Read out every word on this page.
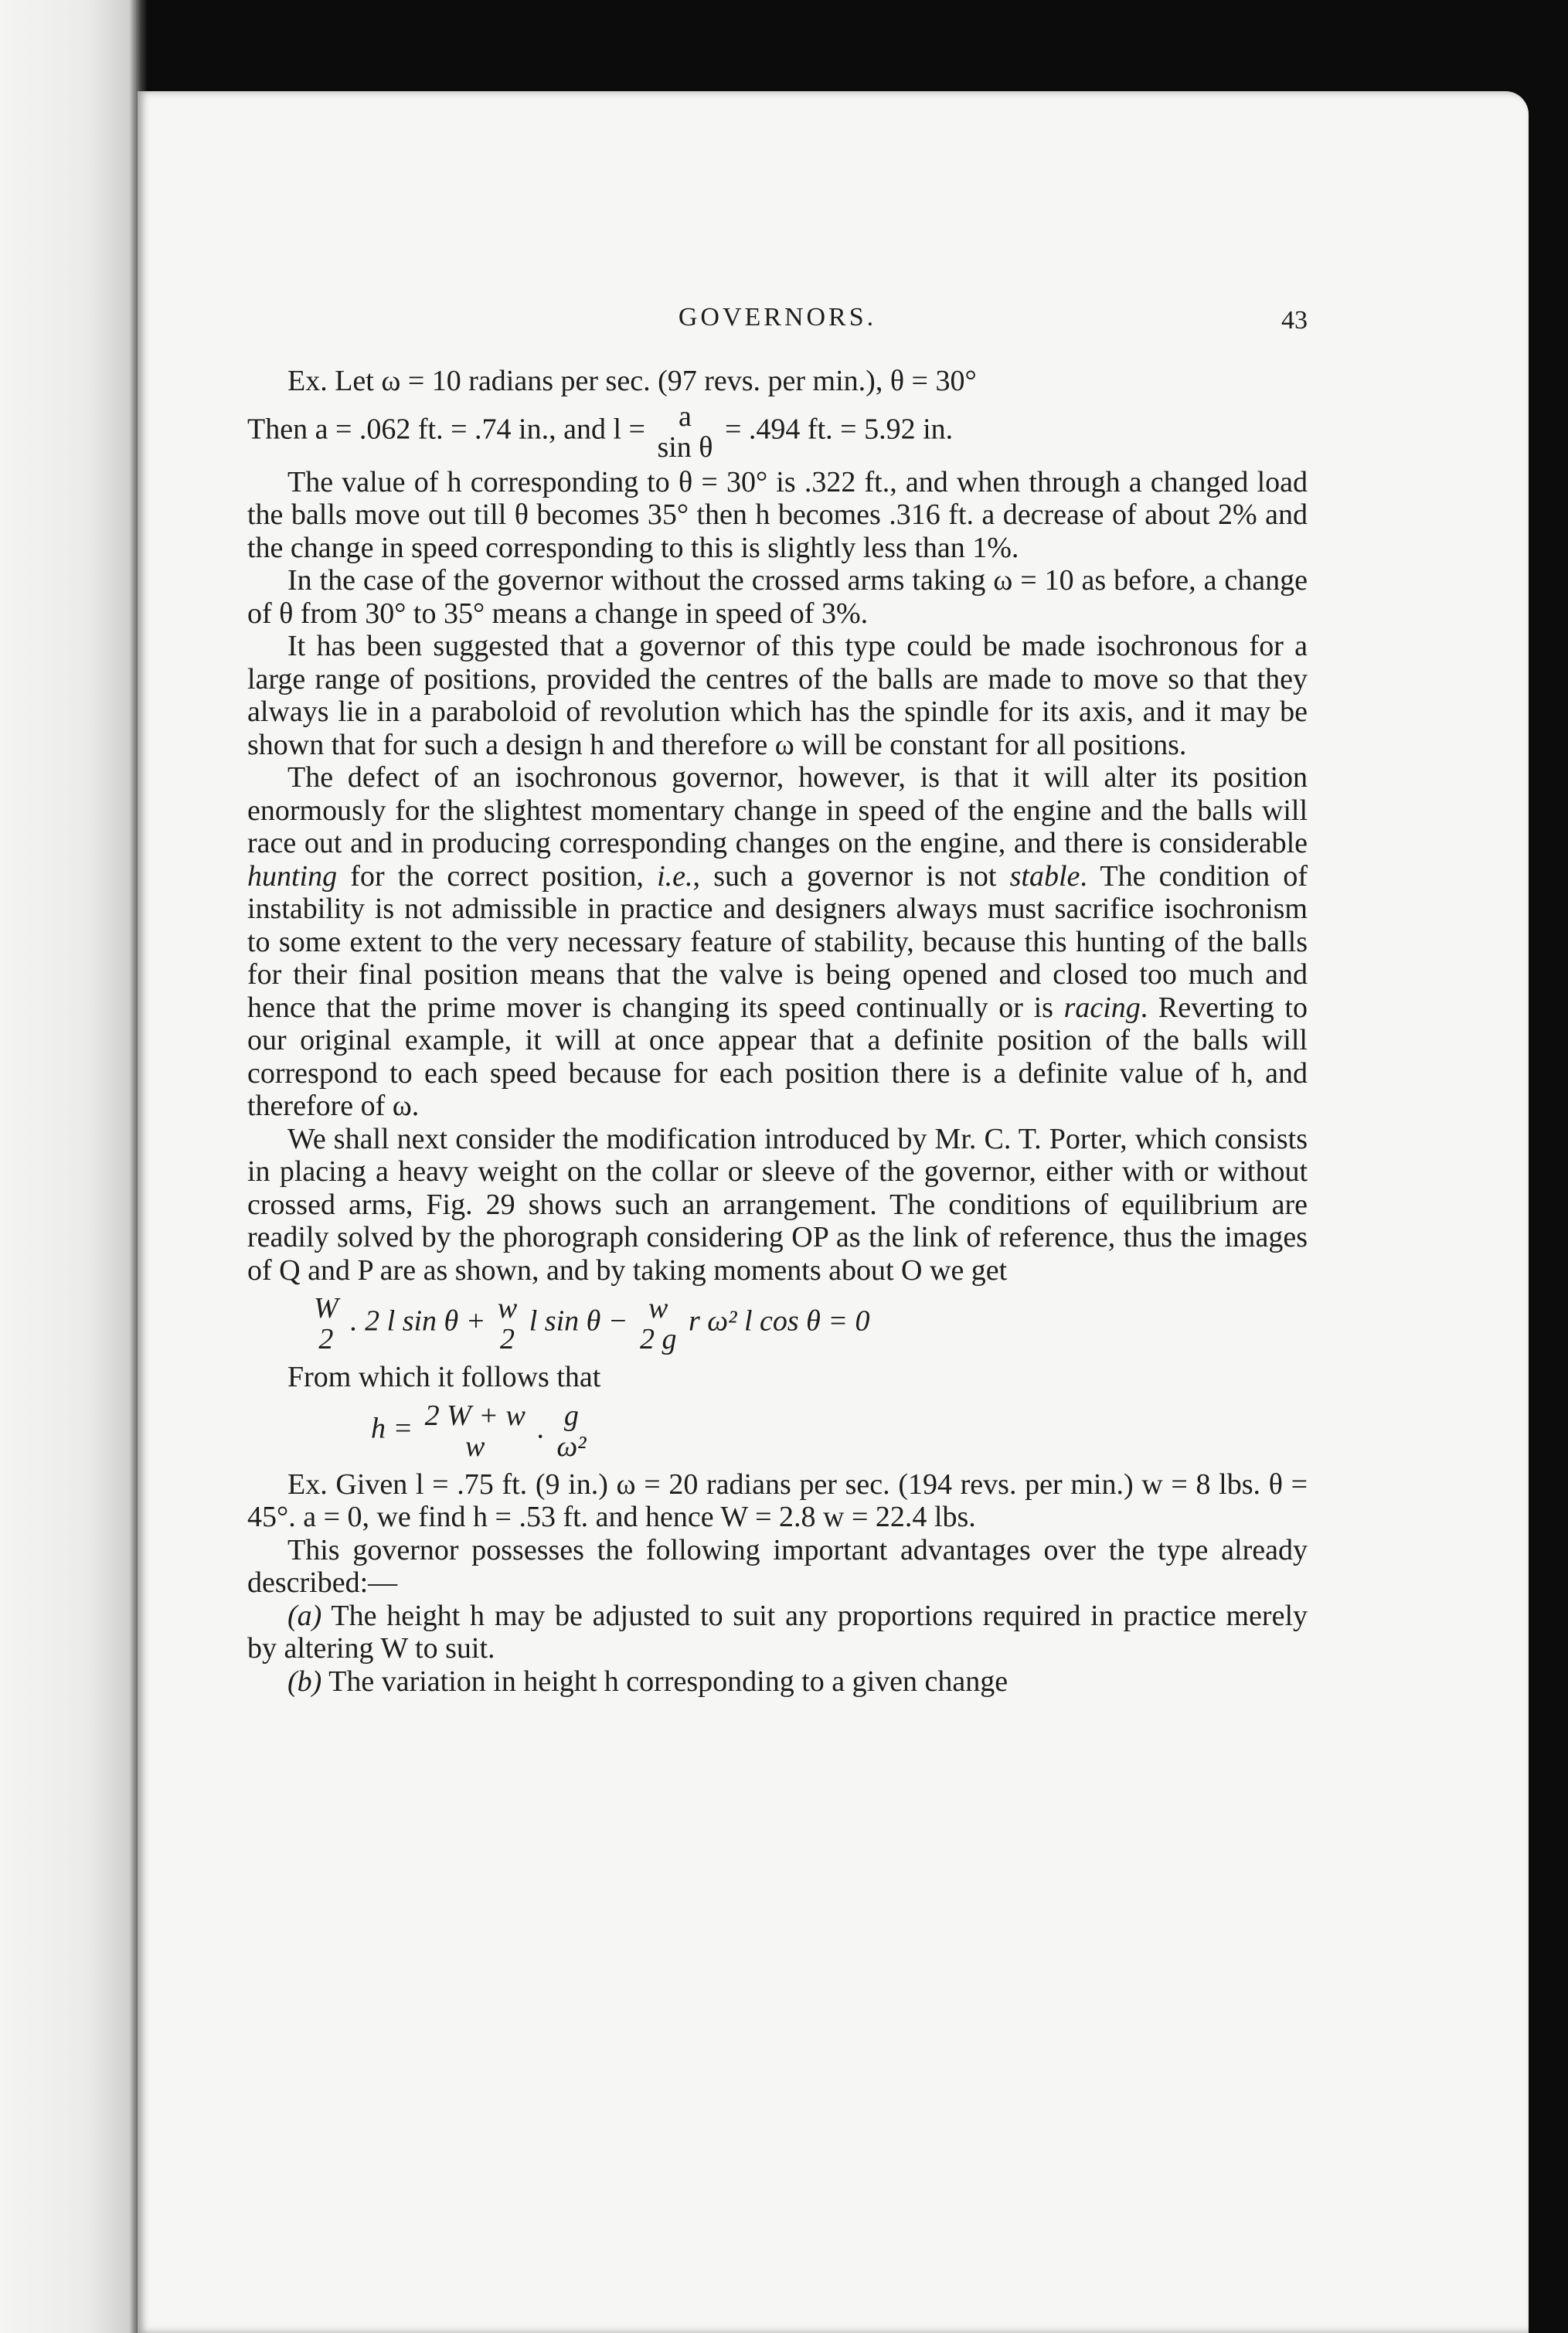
GOVERNORS.	43

Ex. Let ω = 10 radians per sec. (97 revs. per min.), θ = 30°

Then a = .062 ft. = .74 in., and l =	a
sin θ
= .494 ft. = 5.92 in.

The value of h corresponding to θ = 30° is .322 ft., and when through a changed load the balls move out till θ becomes 35° then h becomes .316 ft. a decrease of about 2% and the change in speed corresponding to this is slightly less than 1%.

In the case of the governor without the crossed arms taking ω = 10 as before, a change of θ from 30° to 35° means a change in speed of 3%.

It has been suggested that a governor of this type could be made isochronous for a large range of positions, provided the centres of the balls are made to move so that they always lie in a paraboloid of revolution which has the spindle for its axis, and it may be shown that for such a design h and therefore ω will be constant for all positions.

The defect of an isochronous governor, however, is that it will alter its position enormously for the slightest momentary change in speed of the engine and the balls will race out and in producing corresponding changes on the engine, and there is considerable hunting for the correct position, i.e., such a governor is not stable. The condition of instability is not admissible in practice and designers always must sacrifice isochronism to some extent to the very necessary feature of stability, because this hunting of the balls for their final position means that the valve is being opened and closed too much and hence that the prime mover is changing its speed continually or is racing. Reverting to our original example, it will at once appear that a definite position of the balls will correspond to each speed because for each position there is a definite value of h, and therefore of ω.

We shall next consider the modification introduced by Mr. C. T. Porter, which consists in placing a heavy weight on the collar or sleeve of the governor, either with or without crossed arms, Fig. 29 shows such an arrangement. The conditions of equilibrium are readily solved by the phorograph considering OP as the link of reference, thus the images of Q and P are as shown, and by taking moments about O we get

W
2
. 2 l sin θ + w
2
l sin θ − w
2 g
r ω² l cos θ = 0

From which it follows that

h = 2 W + w
w
. g
ω²

Ex. Given l = .75 ft. (9 in.) ω = 20 radians per sec. (194 revs. per min.) w = 8 lbs. θ = 45°. a = 0, we find h = .53 ft. and hence W = 2.8 w = 22.4 lbs.

This governor possesses the following important advantages over the type already described:—

(a) The height h may be adjusted to suit any proportions required in practice merely by altering W to suit.

(b) The variation in height h corresponding to a given change
